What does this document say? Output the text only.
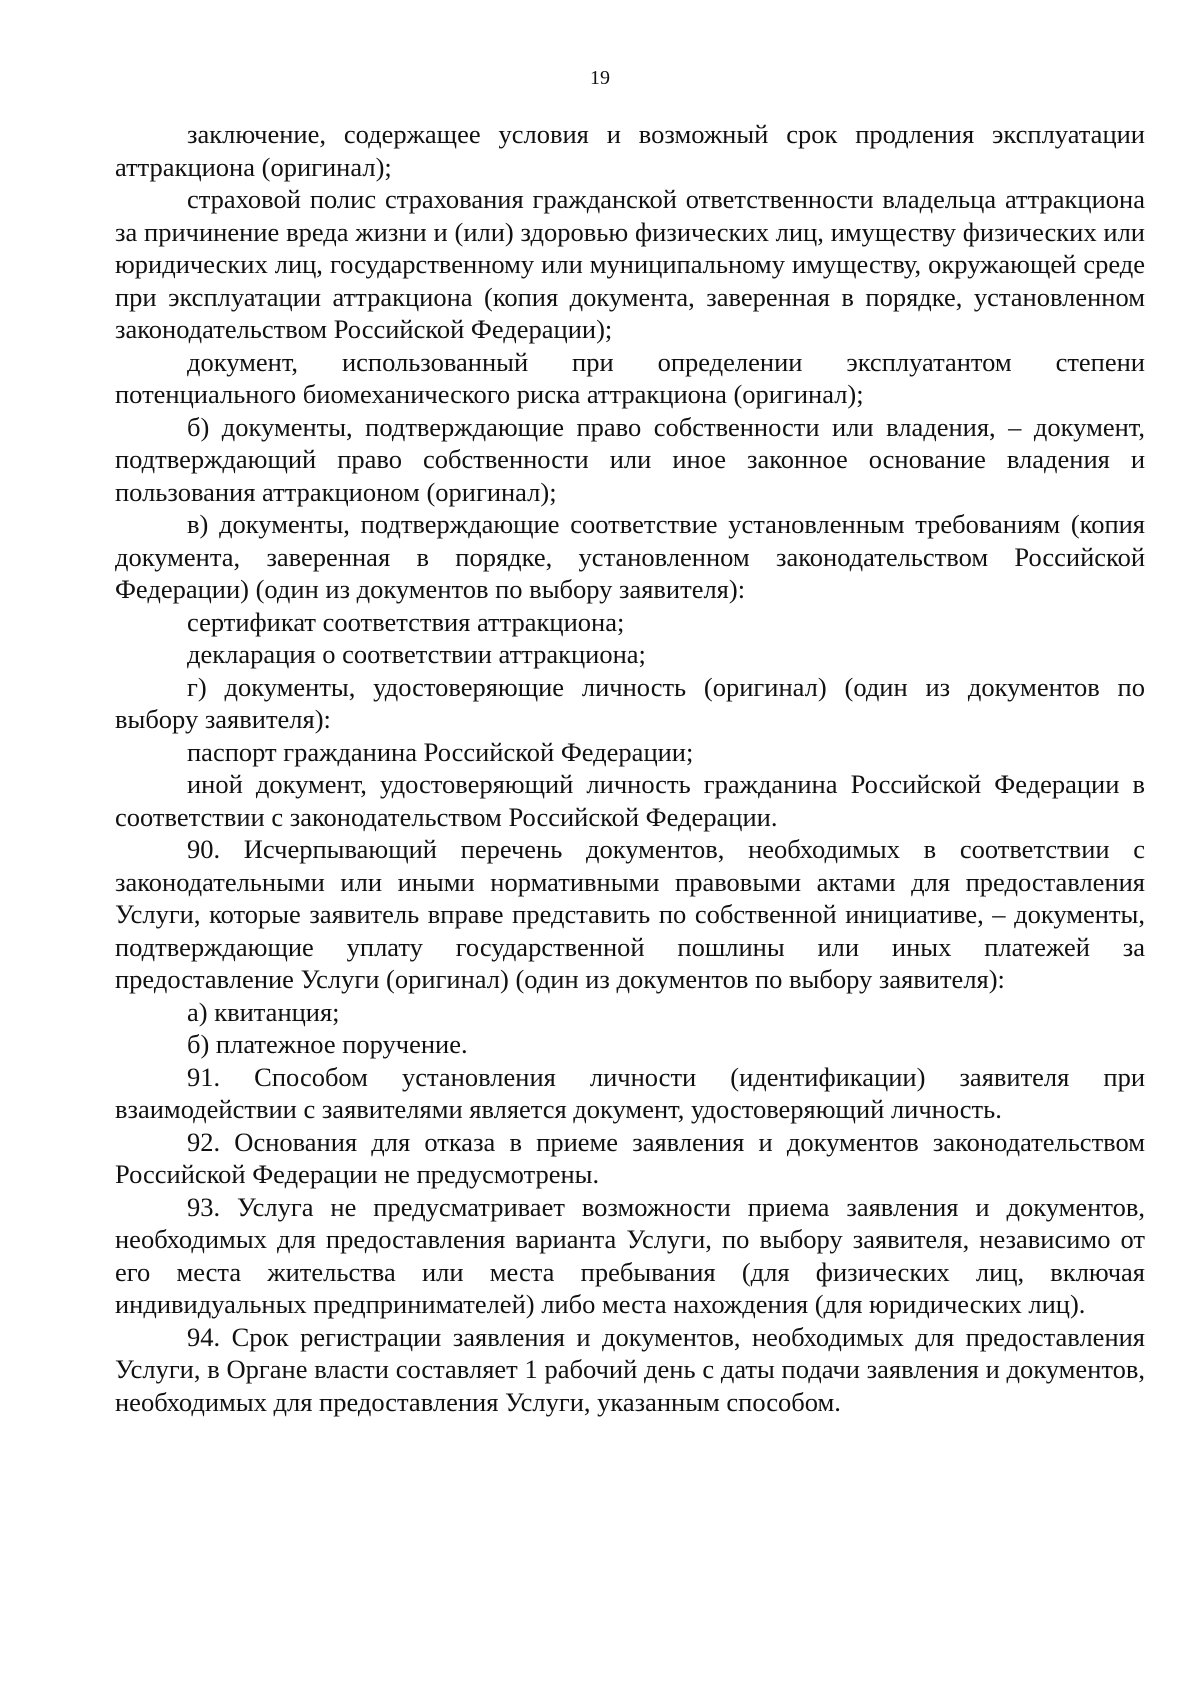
19

заключение, содержащее условия и возможный срок продления эксплуатации аттракциона (оригинал);

страховой полис страхования гражданской ответственности владельца аттракциона за причинение вреда жизни и (или) здоровью физических лиц, имуществу физических или юридических лиц, государственному или муниципальному имуществу, окружающей среде при эксплуатации аттракциона (копия документа, заверенная в порядке, установленном законодательством Российской Федерации);

документ, использованный при определении эксплуатантом степени потенциального биомеханического риска аттракциона (оригинал);

б) документы, подтверждающие право собственности или владения, – документ, подтверждающий право собственности или иное законное основание владения и пользования аттракционом (оригинал);

в) документы, подтверждающие соответствие установленным требованиям (копия документа, заверенная в порядке, установленном законодательством Российской Федерации) (один из документов по выбору заявителя):

сертификат соответствия аттракциона;

декларация о соответствии аттракциона;

г) документы, удостоверяющие личность (оригинал) (один из документов по выбору заявителя):

паспорт гражданина Российской Федерации;

иной документ, удостоверяющий личность гражданина Российской Федерации в соответствии с законодательством Российской Федерации.

90. Исчерпывающий перечень документов, необходимых в соответствии с законодательными или иными нормативными правовыми актами для предоставления Услуги, которые заявитель вправе представить по собственной инициативе, – документы, подтверждающие уплату государственной пошлины или иных платежей за предоставление Услуги (оригинал) (один из документов по выбору заявителя):

а) квитанция;

б) платежное поручение.

91. Способом установления личности (идентификации) заявителя при взаимодействии с заявителями является документ, удостоверяющий личность.

92. Основания для отказа в приеме заявления и документов законодательством Российской Федерации не предусмотрены.

93. Услуга не предусматривает возможности приема заявления и документов, необходимых для предоставления варианта Услуги, по выбору заявителя, независимо от его места жительства или места пребывания (для физических лиц, включая индивидуальных предпринимателей) либо места нахождения (для юридических лиц).

94. Срок регистрации заявления и документов, необходимых для предоставления Услуги, в Органе власти составляет 1 рабочий день с даты подачи заявления и документов, необходимых для предоставления Услуги, указанным способом.
